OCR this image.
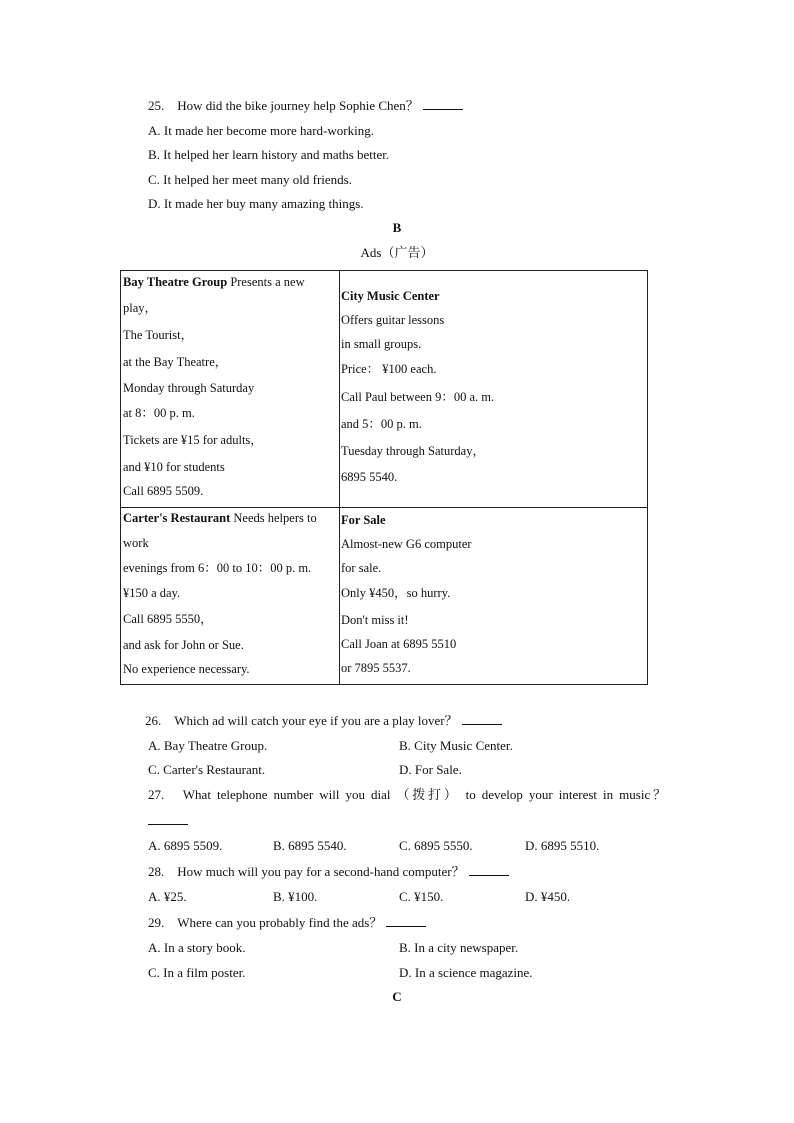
25.　How did the bike journey help Sophie Chen？
A. It made her become more hard-working.
B. It helped her learn history and maths better.
C. It helped her meet many old friends.
D. It made her buy many amazing things.
B
Ads（广告）
Bay Theatre Group Presents a new
play，
The Tourist，
at the Bay Theatre，
Monday through Saturday
at 8：00 p. m.
Tickets are ¥15 for adults，
and ¥10 for students
Call 6895 5509.
City Music Center
Offers guitar lessons
in small groups.
Price： ¥100 each.
Call Paul between 9：00 a. m.
and 5：00 p. m.
Tuesday through Saturday，
6895 5540.
Carter's Restaurant Needs helpers to
work
evenings from 6：00 to 10：00 p. m.
¥150 a day.
Call 6895 5550，
and ask for John or Sue.
No experience necessary.
For Sale
Almost-new G6 computer
for sale.
Only ¥450，so hurry.
Don't miss it!
Call Joan at 6895 5510
or 7895 5537.
26.　Which ad will catch your eye if you are a play lover？
A. Bay Theatre Group.	B. City Music Center.
C. Carter's Restaurant.	D. For Sale.
27.　What telephone number will you dial （拨打） to develop your interest in music？
A. 6895 5509.	B. 6895 5540.	C. 6895 5550.	D. 6895 5510.
28.　How much will you pay for a second-hand computer？
A. ¥25.	B. ¥100.	C. ¥150.	D. ¥450.
29.　Where can you probably find the ads？
A. In a story book.	B. In a city newspaper.
C. In a film poster.	D. In a science magazine.
C
